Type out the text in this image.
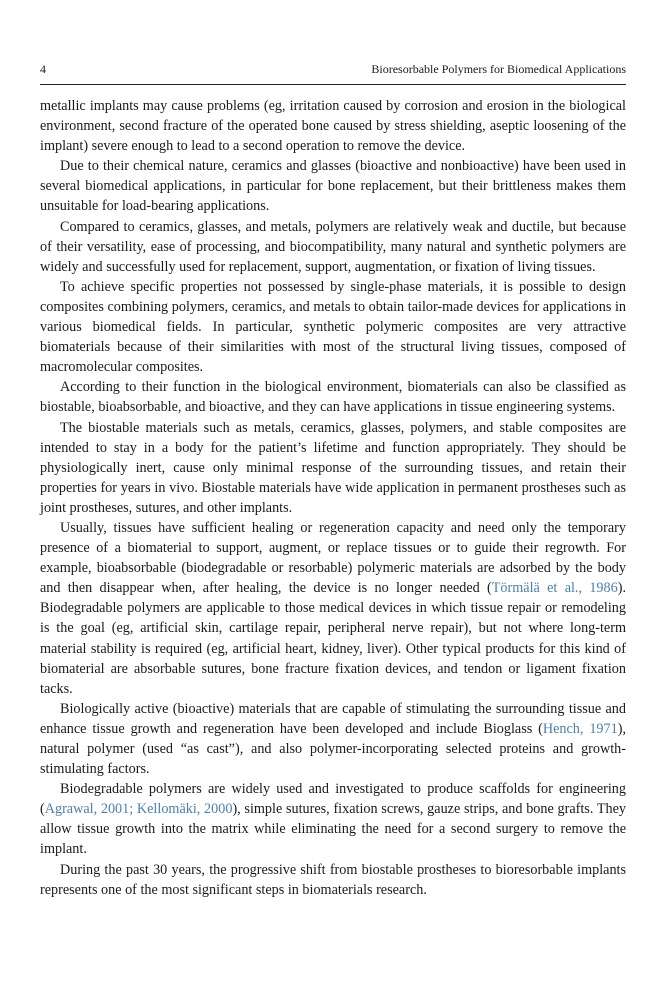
4	Bioresorbable Polymers for Biomedical Applications

metallic implants may cause problems (eg, irritation caused by corrosion and erosion in the biological environment, second fracture of the operated bone caused by stress shielding, aseptic loosening of the implant) severe enough to lead to a second operation to remove the device.

Due to their chemical nature, ceramics and glasses (bioactive and nonbioactive) have been used in several biomedical applications, in particular for bone replacement, but their brittleness makes them unsuitable for load-bearing applications.

Compared to ceramics, glasses, and metals, polymers are relatively weak and ductile, but because of their versatility, ease of processing, and biocompatibility, many natural and synthetic polymers are widely and successfully used for replacement, support, augmentation, or fixation of living tissues.

To achieve specific properties not possessed by single-phase materials, it is possible to design composites combining polymers, ceramics, and metals to obtain tailor-made devices for applications in various biomedical fields. In particular, synthetic polymeric composites are very attractive biomaterials because of their similarities with most of the structural living tissues, composed of macromolecular composites.

According to their function in the biological environment, biomaterials can also be classified as biostable, bioabsorbable, and bioactive, and they can have applications in tissue engineering systems.

The biostable materials such as metals, ceramics, glasses, polymers, and stable composites are intended to stay in a body for the patient’s lifetime and function appropriately. They should be physiologically inert, cause only minimal response of the surrounding tissues, and retain their properties for years in vivo. Biostable materials have wide application in permanent prostheses such as joint prostheses, sutures, and other implants.

Usually, tissues have sufficient healing or regeneration capacity and need only the temporary presence of a biomaterial to support, augment, or replace tissues or to guide their regrowth. For example, bioabsorbable (biodegradable or resorbable) polymeric materials are adsorbed by the body and then disappear when, after healing, the device is no longer needed (Törmälä et al., 1986). Biodegradable polymers are applicable to those medical devices in which tissue repair or remodeling is the goal (eg, artificial skin, cartilage repair, peripheral nerve repair), but not where long-term material stability is required (eg, artificial heart, kidney, liver). Other typical products for this kind of biomaterial are absorbable sutures, bone fracture fixation devices, and tendon or ligament fixation tacks.

Biologically active (bioactive) materials that are capable of stimulating the surrounding tissue and enhance tissue growth and regeneration have been developed and include Bioglass (Hench, 1971), natural polymer (used “as cast”), and also polymer-incorporating selected proteins and growth-stimulating factors.

Biodegradable polymers are widely used and investigated to produce scaffolds for engineering (Agrawal, 2001; Kellomäki, 2000), simple sutures, fixation screws, gauze strips, and bone grafts. They allow tissue growth into the matrix while eliminating the need for a second surgery to remove the implant.

During the past 30 years, the progressive shift from biostable prostheses to bioresorbable implants represents one of the most significant steps in biomaterials research.
